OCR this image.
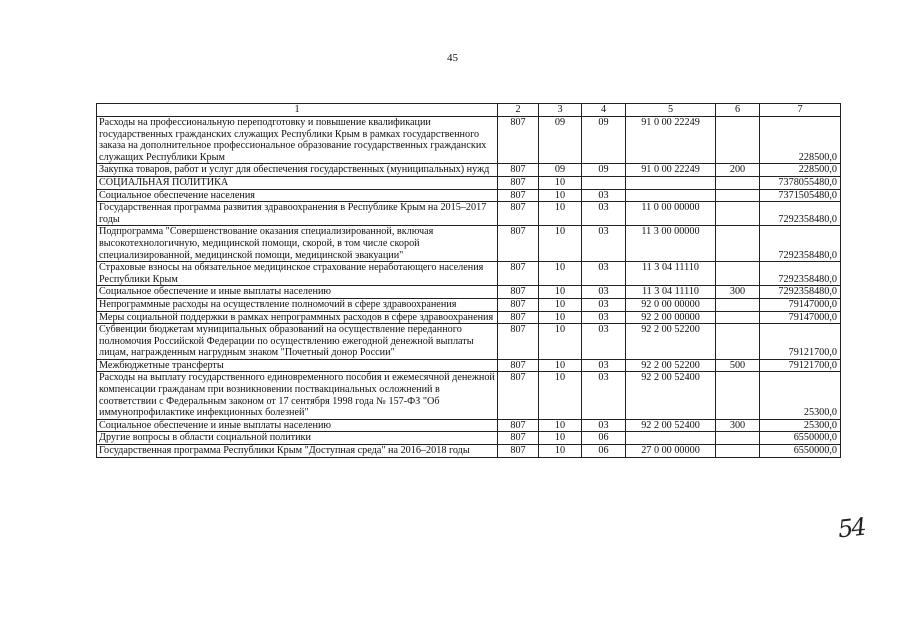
45
1	2	3	4	5	6	7
Расходы на профессиональную переподготовку и повышение квалификации государственных гражданских служащих Республики Крым в рамках государственного заказа на дополнительное профессиональное образование государственных гражданских служащих Республики Крым	807	09	09	91 0 00 22249		228500,0
Закупка товаров, работ и услуг для обеспечения государственных (муниципальных) нужд	807	09	09	91 0 00 22249	200	228500,0
СОЦИАЛЬНАЯ ПОЛИТИКА	807	10				7378055480,0
Социальное обеспечение населения	807	10	03			7371505480,0
Государственная программа развития здравоохранения в Республике Крым на 2015–2017 годы	807	10	03	11 0 00 00000		7292358480,0
Подпрограмма "Совершенствование оказания специализированной, включая высокотехнологичную, медицинской помощи, скорой, в том числе скорой специализированной, медицинской помощи, медицинской эвакуации"	807	10	03	11 3 00 00000		7292358480,0
Страховые взносы на обязательное медицинское страхование неработающего населения Республики Крым	807	10	03	11 3 04 11110		7292358480,0
Социальное обеспечение и иные выплаты населению	807	10	03	11 3 04 11110	300	7292358480,0
Непрограммные расходы на осуществление полномочий в сфере здравоохранения	807	10	03	92 0 00 00000		79147000,0
Меры социальной поддержки в рамках непрограммных расходов в сфере здравоохранения	807	10	03	92 2 00 00000		79147000,0
Субвенции бюджетам муниципальных образований на осуществление переданного полномочия Российской Федерации по осуществлению ежегодной денежной выплаты лицам, награжденным нагрудным знаком "Почетный донор России"	807	10	03	92 2 00 52200		79121700,0
Межбюджетные трансферты	807	10	03	92 2 00 52200	500	79121700,0
Расходы на выплату государственного единовременного пособия и ежемесячной денежной компенсации гражданам при возникновении поствакцинальных осложнений в соответствии с Федеральным законом от 17 сентября 1998 года № 157-ФЗ "Об иммунопрофилактике инфекционных болезней"	807	10	03	92 2 00 52400		25300,0
Социальное обеспечение и иные выплаты населению	807	10	03	92 2 00 52400	300	25300,0
Другие вопросы в области социальной политики	807	10	06			6550000,0
Государственная программа Республики Крым "Доступная среда" на 2016–2018 годы	807	10	06	27 0 00 00000		6550000,0
54
